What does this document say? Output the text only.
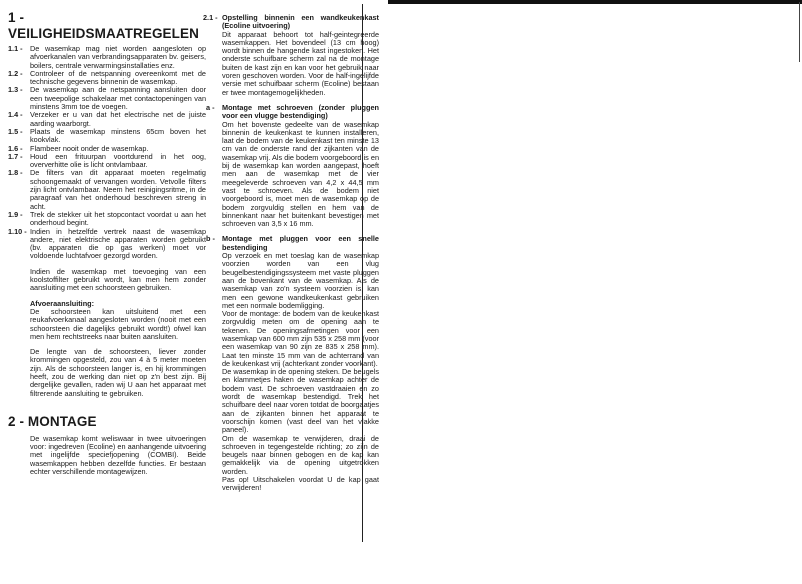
1 - VEILIGHEIDSMAATREGELEN
1.1 -	De wasemkap mag niet worden aangesloten op afvoerkanalen van verbrandingsapparaten bv. geisers, boilers, centrale verwarmingsinstallaties enz.
1.2 -	Controleer of de netspanning overeenkomt met de technische gegevens binnenin de wasemkap.
1.3 -	De wasemkap aan de netspanning aansluiten door een tweepolige schakelaar met contactopeningen van minstens 3mm toe de voegen.
1.4 -	Verzeker er u van dat het electrische net de juiste aarding waarborgt.
1.5 -	Plaats de wasemkap minstens 65cm boven het kookvlak.
1.6 -	Flambeer nooit onder de wasemkap.
1.7 -	Houd een frituurpan voortdurend in het oog, oververhitte olie is licht ontvlambaar.
1.8 -	De filters van dit apparaat moeten regelmatig schoongemaakt of vervangen worden. Vetvolle filters zijn licht ontvlambaar. Neem het reinigingsritme, in de paragraaf van het onderhoud beschreven streng in acht.
1.9 -	Trek de stekker uit het stopcontact voordat u aan het onderhoud begint.
1.10 - Indien in hetzelfde vertrek naast de wasemkap andere, niet elektrische apparaten worden gebruikt (bv. apparaten die op gas werken) moet vor voldoende luchtafvoer gezorgd worden.

Indien de wasemkap met toevoeging van een koolstoffilter gebruikt wordt, kan men hem zonder aansluiting met een schoorsteen gebruiken.

Afvoeraansluiting:

De schoorsteen kan uitsluitend met een reukafvoerkanaal aangesloten worden (nooit met een schoorsteen die dagelijks gebruikt wordt!) ofwel kan men hem rechtstreeks naar buiten aansluiten.

De lengte van de schoorsteen, liever zonder krommingen opgesteld, zou van 4 à 5 meter moeten zijn. Als de schoorsteen langer is, en hij krommingen heeft, zou de werking dan niet op z'n best zijn. Bij dergelijke gevallen, raden wij U aan het apparaat met filtrerende aansluiting te gebruiken.

2 - MONTAGE
De wasemkap komt weliswaar in twee uitvoeringen voor: ingedreven (Ecoline) en aanhangende uitvoering met ingelijfde speciefjopening (COMBI). Beide wasemkappen hebben dezelfde functies. Er bestaan echter verschillende montagewijzen.
2.1 - Opstelling binnenin een wandkeukenkast (Ecoline uitvoering)

Dit apparaat behoort tot half-geintegreerde wasemkappen. Het bovendeel (13 cm hoog) wordt binnen de hangende kast ingestoken. Het onderste schuifbare scherm zal na de montage buiten de kast zijn en kan voor het gebruik naar voren geschoven worden. Voor de half-ingelijfde versie met schuifbaar scherm (Ecoline) bestaan er twee montagemogelijkheden.

a -	Montage met schroeven (zonder pluggen voor een vlugge bestendiging)

Om het bovenste gedeelte van de wasemkap binnenin de keukenkast te kunnen installeren, laat de bodem van de keukenkast ten minste 13 cm van de onderste rand der zijkanten van de wasemkap vrij. Als die bodem voorgeboord is en bij de wasemkap kan worden aangepast, hoeft men aan de wasemkap met de vier meegeleverde schroeven van 4,2 x 44,5 mm vast te schroeven. Als de bodem niet voorgeboord is, moet men de wasemkap op de bodem zorgvuldig stellen en hem van de binnenkant naar het buitenkant bevestigen met schroeven van 3,5 x 16 mm.

b - Montage met pluggen voor een snelle bestendiging

Op verzoek en met toeslag kan de wasemkap voorzien worden van een vlug beugelbestendigingssysteem met vaste pluggen aan de bovenkant van de wasemkap. Als de wasemkap van zo'n systeem voorzien is, kan men een gewone wandkeukenkast gebruiken met een normale bodemligging.

Voor de montage: de bodem van de keukenkast zorgvuldig meten om de opening aan te tekenen. De openingsafmetingen voor een wasemkap van 600 mm zijn 535 x 258 mm (voor een wasemkap van 90 zijn ze 835 x 258 mm). Laat ten minste 15 mm van de achterrand van de keukenkast vrij (achterkant zonder voorkant).

De wasemkap in de opening steken. De beugels en klammetjes haken de wasemkap achter de bodem vast. De schroeven vastdraaien en zo wordt de wasemkap bestendigd. Trek het schuifbare deel naar voren totdat de boorgaatjes aan de zijkanten binnen het apparaat te voorschijn komen (vast deel van het vlakke paneel).

Om de wasemkap te verwijderen, draai de schroeven in tegengestelde richting; zo zijn de beugels naar binnen gebogen en de kap kan gemakkelijk via de opening uitgetrokken worden.

Pas op! Uitschakelen voordat U de kap gaat verwijderen!
